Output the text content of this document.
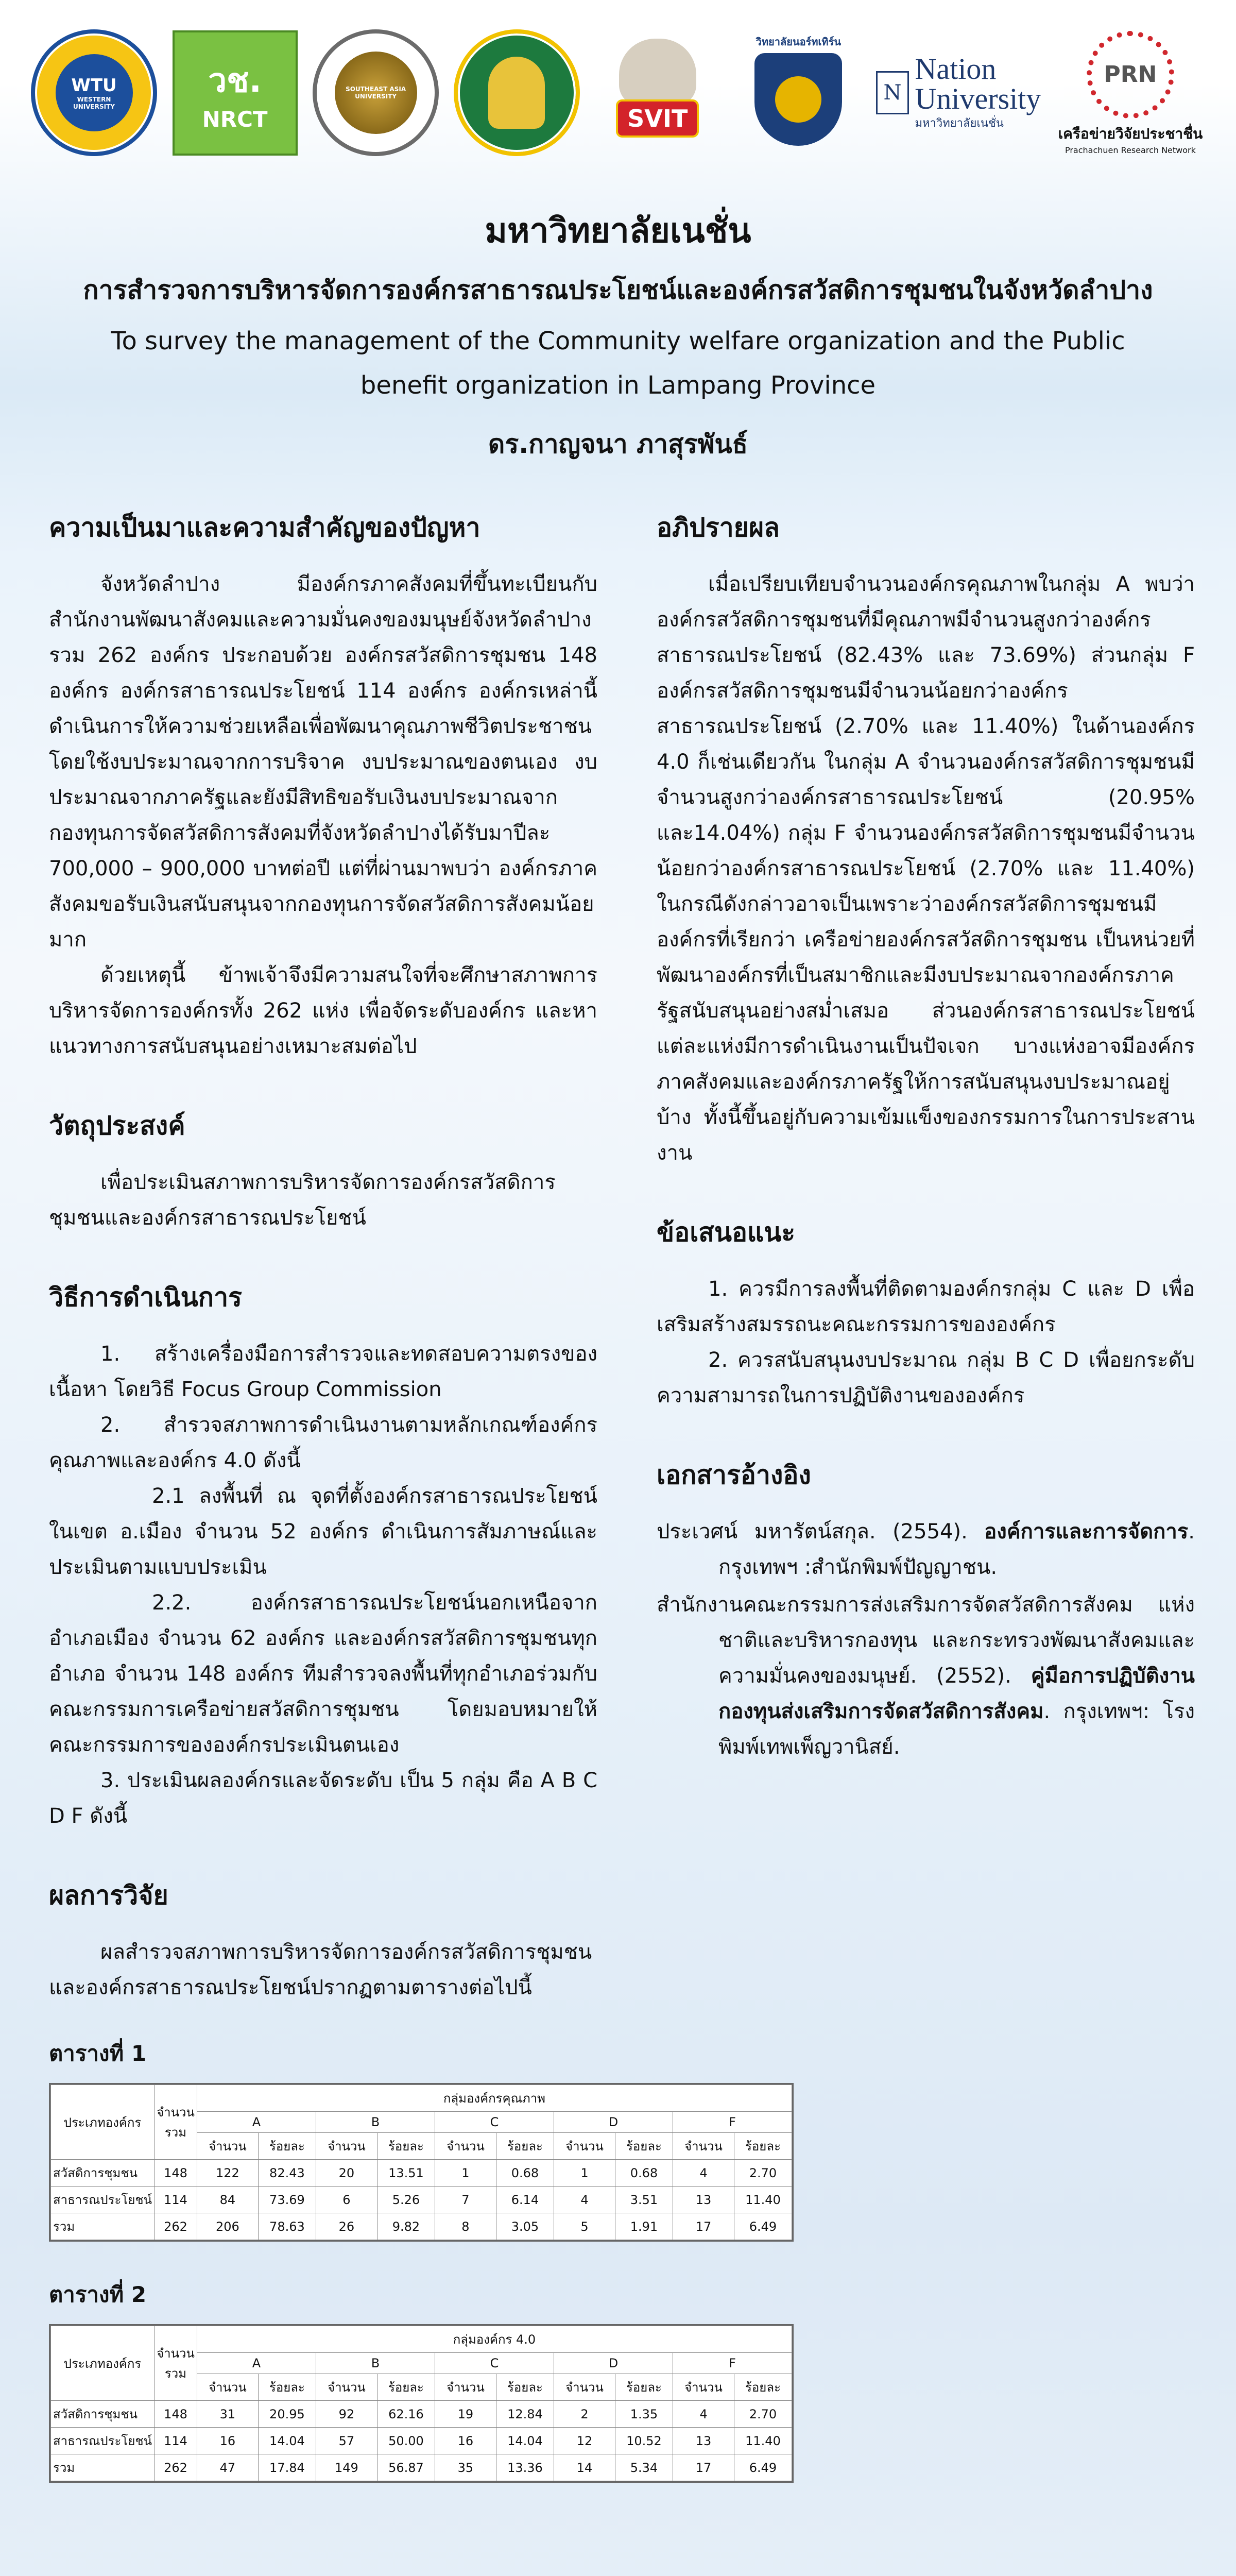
WTU
WESTERN UNIVERSITY
วช.
NRCT
SOUTHEAST ASIA UNIVERSITY
SVIT
วิทยาลัยนอร์ทเทิร์น
N
Nation
University
มหาวิทยาลัยเนชั่น
PRN
เครือข่ายวิจัยประชาชื่น
Prachachuen Research Network
มหาวิทยาลัยเนชั่น
การสำรวจการบริหารจัดการองค์กรสาธารณประโยชน์และองค์กรสวัสดิการชุมชนในจังหวัดลำปาง
To survey the management of the Community welfare organization and the Public
benefit organization in Lampang Province
ดร.กาญจนา ภาสุรพันธ์
ความเป็นมาและความสำคัญของปัญหา

จังหวัดลำปาง มีองค์กรภาคสังคมที่ขึ้นทะเบียนกับสำนักงานพัฒนาสังคมและความมั่นคงของมนุษย์จังหวัดลำปาง รวม 262 องค์กร ประกอบด้วย องค์กรสวัสดิการชุมชน 148 องค์กร องค์กรสาธารณประโยชน์ 114 องค์กร องค์กรเหล่านี้ดำเนินการให้ความช่วยเหลือเพื่อพัฒนาคุณภาพชีวิตประชาชน โดยใช้งบประมาณจากการบริจาค งบประมาณของตนเอง งบประมาณจากภาครัฐและยังมีสิทธิขอรับเงินงบประมาณจากกองทุนการจัดสวัสดิการสังคมที่จังหวัดลำปางได้รับมาปีละ 700,000 – 900,000 บาทต่อปี แต่ที่ผ่านมาพบว่า องค์กรภาคสังคมขอรับเงินสนับสนุนจากกองทุนการจัดสวัสดิการสังคมน้อยมาก

ด้วยเหตุนี้ ข้าพเจ้าจึงมีความสนใจที่จะศึกษาสภาพการบริหารจัดการองค์กรทั้ง 262 แห่ง เพื่อจัดระดับองค์กร และหาแนวทางการสนับสนุนอย่างเหมาะสมต่อไป

วัตถุประสงค์

เพื่อประเมินสภาพการบริหารจัดการองค์กรสวัสดิการชุมชนและองค์กรสาธารณประโยชน์

วิธีการดำเนินการ

1. สร้างเครื่องมือการสำรวจและทดสอบความตรงของเนื้อหา โดยวิธี Focus Group Commission

2. สำรวจสภาพการดำเนินงานตามหลักเกณฑ์องค์กรคุณภาพและองค์กร 4.0 ดังนี้

2.1 ลงพื้นที่ ณ จุดที่ตั้งองค์กรสาธารณประโยชน์ในเขต อ.เมือง จำนวน 52 องค์กร ดำเนินการสัมภาษณ์และประเมินตามแบบประเมิน

2.2. องค์กรสาธารณประโยชน์นอกเหนือจากอำเภอเมือง จำนวน 62 องค์กร และองค์กรสวัสดิการชุมชนทุกอำเภอ จำนวน 148 องค์กร ทีมสำรวจลงพื้นที่ทุกอำเภอร่วมกับคณะกรรมการเครือข่ายสวัสดิการชุมชน โดยมอบหมายให้คณะกรรมการขององค์กรประเมินตนเอง

3. ประเมินผลองค์กรและจัดระดับ เป็น 5 กลุ่ม คือ A B C D F ดังนี้

ผลการวิจัย

ผลสำรวจสภาพการบริหารจัดการองค์กรสวัสดิการชุมชน และองค์กรสาธารณประโยชน์ปรากฏตามตารางต่อไปนี้

ตารางที่ 1
ประเภทองค์กร	จำนวนรวม	กลุ่มองค์กรคุณภาพ									
		A		B		C		D		F	
		จำนวน	ร้อยละ	จำนวน	ร้อยละ	จำนวน	ร้อยละ	จำนวน	ร้อยละ	จำนวน	ร้อยละ
สวัสดิการชุมชน	148	122	82.43	20	13.51	1	0.68	1	0.68	4	2.70
สาธารณประโยชน์	114	84	73.69	6	5.26	7	6.14	4	3.51	13	11.40
รวม	262	206	78.63	26	9.82	8	3.05	5	1.91	17	6.49
ตารางที่ 2
ประเภทองค์กร	จำนวนรวม	กลุ่มองค์กร 4.0									
		A		B		C		D		F	
		จำนวน	ร้อยละ	จำนวน	ร้อยละ	จำนวน	ร้อยละ	จำนวน	ร้อยละ	จำนวน	ร้อยละ
สวัสดิการชุมชน	148	31	20.95	92	62.16	19	12.84	2	1.35	4	2.70
สาธารณประโยชน์	114	16	14.04	57	50.00	16	14.04	12	10.52	13	11.40
รวม	262	47	17.84	149	56.87	35	13.36	14	5.34	17	6.49
อภิปรายผล

เมื่อเปรียบเทียบจำนวนองค์กรคุณภาพในกลุ่ม A พบว่า องค์กรสวัสดิการชุมชนที่มีคุณภาพมีจำนวนสูงกว่าองค์กรสาธารณประโยชน์ (82.43% และ 73.69%) ส่วนกลุ่ม F องค์กรสวัสดิการชุมชนมีจำนวนน้อยกว่าองค์กรสาธารณประโยชน์ (2.70% และ 11.40%) ในด้านองค์กร 4.0 ก็เช่นเดียวกัน ในกลุ่ม A จำนวนองค์กรสวัสดิการชุมชนมีจำนวนสูงกว่าองค์กรสาธารณประโยชน์ (20.95% และ14.04%) กลุ่ม F จำนวนองค์กรสวัสดิการชุมชนมีจำนวนน้อยกว่าองค์กรสาธารณประโยชน์ (2.70% และ 11.40%) ในกรณีดังกล่าวอาจเป็นเพราะว่าองค์กรสวัสดิการชุมชนมีองค์กรที่เรียกว่า เครือข่ายองค์กรสวัสดิการชุมชน เป็นหน่วยที่พัฒนาองค์กรที่เป็นสมาชิกและมีงบประมาณจากองค์กรภาครัฐสนับสนุนอย่างสม่ำเสมอ ส่วนองค์กรสาธารณประโยชน์แต่ละแห่งมีการดำเนินงานเป็นปัจเจก บางแห่งอาจมีองค์กรภาคสังคมและองค์กรภาครัฐให้การสนับสนุนงบประมาณอยู่บ้าง ทั้งนี้ขึ้นอยู่กับความเข้มแข็งของกรรมการในการประสานงาน

ข้อเสนอแนะ

1. ควรมีการลงพื้นที่ติดตามองค์กรกลุ่ม C และ D เพื่อเสริมสร้างสมรรถนะคณะกรรมการขององค์กร

2. ควรสนับสนุนงบประมาณ กลุ่ม B C D เพื่อยกระดับความสามารถในการปฏิบัติงานขององค์กร

เอกสารอ้างอิง

ประเวศน์ มหารัตน์สกุล. (2554). องค์การและการจัดการ. กรุงเทพฯ :สำนักพิมพ์ปัญญาชน.

สำนักงานคณะกรรมการส่งเสริมการจัดสวัสดิการสังคม แห่งชาติและบริหารกองทุน และกระทรวงพัฒนาสังคมและความมั่นคงของมนุษย์. (2552). คู่มือการปฏิบัติงานกองทุนส่งเสริมการจัดสวัสดิการสังคม. กรุงเทพฯ: โรงพิมพ์เทพเพ็ญวานิสย์.
